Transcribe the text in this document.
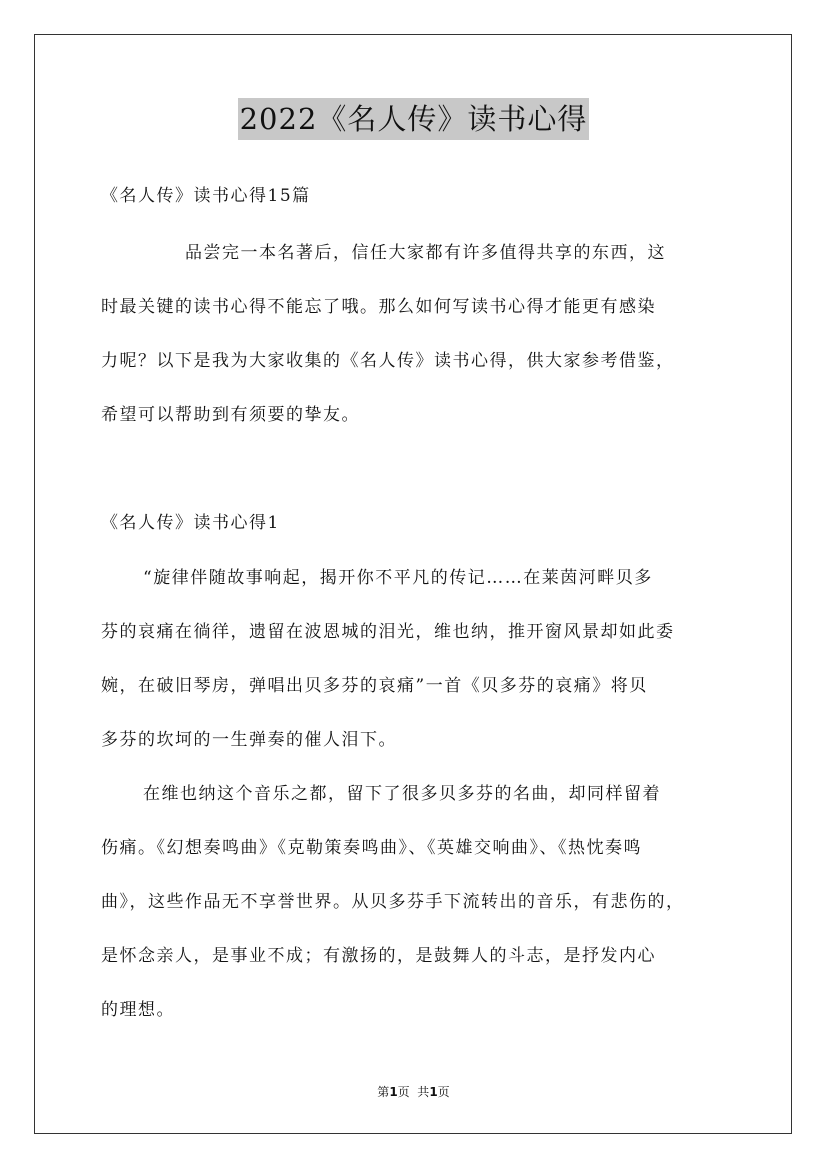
2022《名人传》读书心得
《名人传》读书心得15篇
品尝完一本名著后，信任大家都有许多值得共享的东西，这
时最关键的读书心得不能忘了哦。那么如何写读书心得才能更有感染
力呢？以下是我为大家收集的《名人传》读书心得，供大家参考借鉴，
希望可以帮助到有须要的挚友。
《名人传》读书心得1
“旋律伴随故事响起，揭开你不平凡的传记……在莱茵河畔贝多
芬的哀痛在徜徉，遗留在波恩城的泪光，维也纳，推开窗风景却如此委
婉，在破旧琴房，弹唱出贝多芬的哀痛”一首《贝多芬的哀痛》将贝
多芬的坎坷的一生弹奏的催人泪下。
在维也纳这个音乐之都，留下了很多贝多芬的名曲，却同样留着
伤痛。《幻想奏鸣曲》《克勒策奏鸣曲》、《英雄交响曲》、《热忱奏鸣
曲》，这些作品无不享誉世界。从贝多芬手下流转出的音乐，有悲伤的，
是怀念亲人，是事业不成；有激扬的，是鼓舞人的斗志，是抒发内心
的理想。
第1页  共1页
